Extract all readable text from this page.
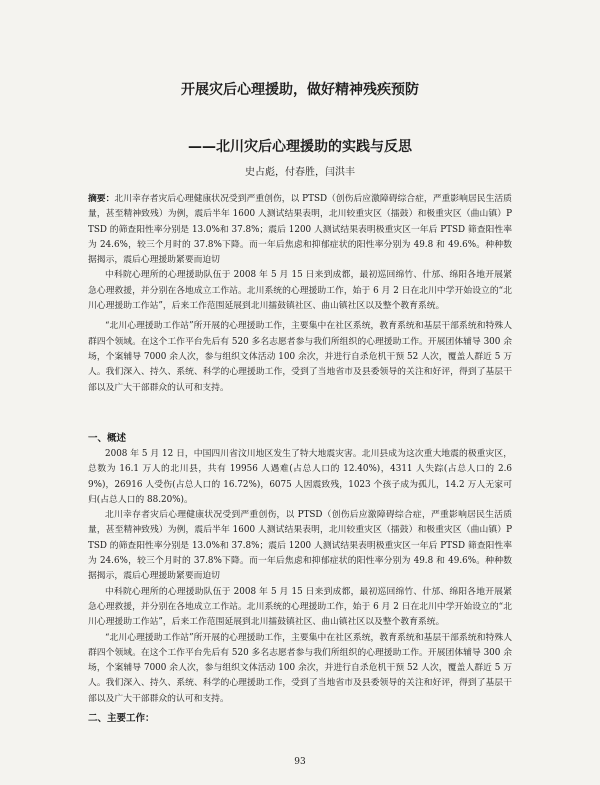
开展灾后心理援助，做好精神残疾预防
——北川灾后心理援助的实践与反思
史占彪，付春胜，闫洪丰

摘要：北川幸存者灾后心理健康状况受到严重创伤，以 PTSD（创伤后应激障碍综合症，严重影响居民生活质量，甚至精神致残）为例，震后半年 1600 人测试结果表明，北川较重灾区（擂鼓）和极重灾区（曲山镇）PTSD 的筛查阳性率分别是 13.0%和 37.8%；震后 1200 人测试结果表明极重灾区一年后 PTSD 筛查阳性率为 24.6%，较三个月时的 37.8%下降。而一年后焦虑和抑郁症状的阳性率分别为 49.8 和 49.6%。种种数据揭示，震后心理援助紧要而迫切

中科院心理所的心理援助队伍于 2008 年 5 月 15 日来到成都，最初巡回绵竹、什邡、绵阳各地开展紧急心理救援，并分别在各地成立工作站。北川系统的心理援助工作，始于 6 月 2 日在北川中学开始设立的“北川心理援助工作站”，后来工作范围延展到北川擂鼓镇社区、曲山镇社区以及整个教育系统。

“北川心理援助工作站”所开展的心理援助工作，主要集中在社区系统，教育系统和基层干部系统和特殊人群四个领域。在这个工作平台先后有 520 多名志愿者参与我们所组织的心理援助工作。开展团体辅导 300 余场，个案辅导 7000 余人次，参与组织文体活动 100 余次，并进行自杀危机干预 52 人次，覆盖人群近 5 万人。我们深入、持久、系统、科学的心理援助工作，受到了当地省市及县委领导的关注和好评，得到了基层干部以及广大干部群众的认可和支持。

一、概述

2008 年 5 月 12 日，中国四川省汶川地区发生了特大地震灾害。北川县成为这次重大地震的极重灾区，总数为 16.1 万人的北川县，共有 19956 人遇难(占总人口的 12.40%)，4311 人失踪(占总人口的 2.69%)，26916 人受伤(占总人口的 16.72%)，6075 人因震致残，1023 个孩子成为孤儿，14.2 万人无家可归(占总人口的 88.20%)。

北川幸存者灾后心理健康状况受到严重创伤，以 PTSD（创伤后应激障碍综合症，严重影响居民生活质量，甚至精神致残）为例，震后半年 1600 人测试结果表明，北川较重灾区（擂鼓）和极重灾区（曲山镇）PTSD 的筛查阳性率分别是 13.0%和 37.8%；震后 1200 人测试结果表明极重灾区一年后 PTSD 筛查阳性率为 24.6%，较三个月时的 37.8%下降。而一年后焦虑和抑郁症状的阳性率分别为 49.8 和 49.6%。种种数据揭示，震后心理援助紧要而迫切

中科院心理所的心理援助队伍于 2008 年 5 月 15 日来到成都，最初巡回绵竹、什邡、绵阳各地开展紧急心理救援，并分别在各地成立工作站。北川系统的心理援助工作，始于 6 月 2 日在北川中学开始设立的“北川心理援助工作站”，后来工作范围延展到北川擂鼓镇社区、曲山镇社区以及整个教育系统。

“北川心理援助工作站”所开展的心理援助工作，主要集中在社区系统，教育系统和基层干部系统和特殊人群四个领域。在这个工作平台先后有 520 多名志愿者参与我们所组织的心理援助工作。开展团体辅导 300 余场，个案辅导 7000 余人次，参与组织文体活动 100 余次，并进行自杀危机干预 52 人次，覆盖人群近 5 万人。我们深入、持久、系统、科学的心理援助工作，受到了当地省市及县委领导的关注和好评，得到了基层干部以及广大干部群众的认可和支持。

二、主要工作：

93
